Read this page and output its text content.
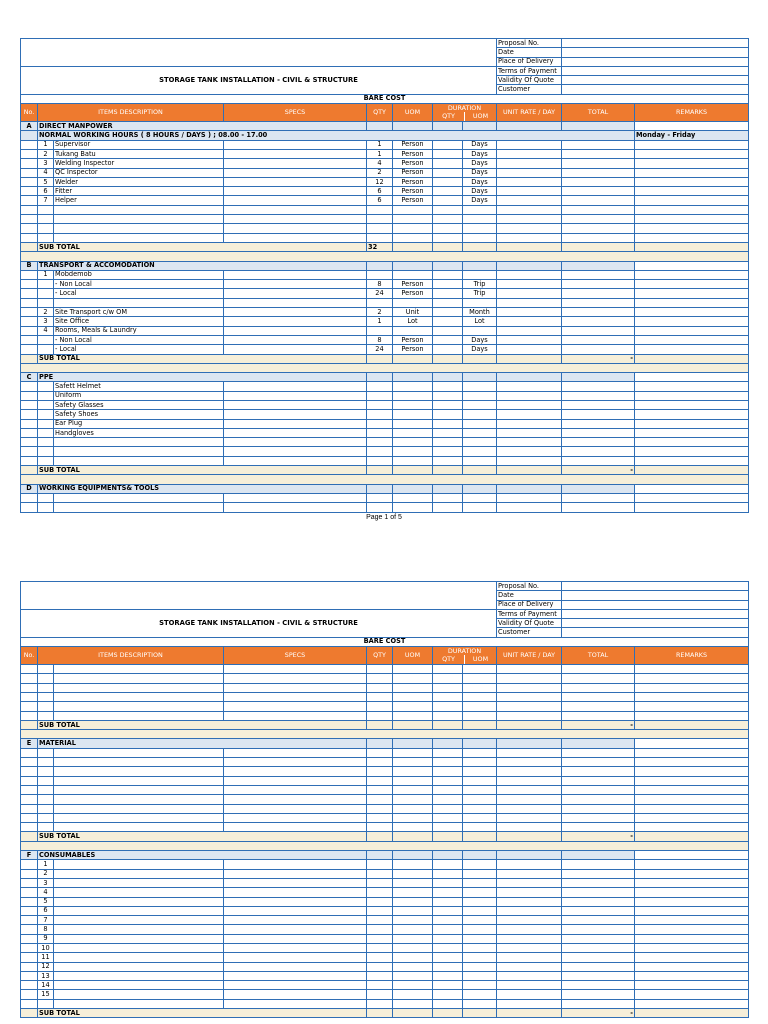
								Proposal No.		
								Date		
								Place of Delivery		
STORAGE TANK INSTALLATION - CIVIL & STRUCTURE								Terms of Payment		
								Validity Of Quote		
								Customer		
BARE COST										
No.	ITEMS DESCRIPTION		SPECS	QTY	UOM	DURATION
QTY UOM		UNIT RATE / DAY	TOTAL	REMARKS
A	DIRECT MANPOWER									
	NORMAL WORKING HOURS ( 8 HOURS / DAYS ) ; 08.00 - 17.00									Monday - Friday
	1	Supervisor		1	Person		Days			
	2	Tukang Batu		1	Person		Days			
	3	Welding Inspector		4	Person		Days			
	4	QC Inspector		2	Person		Days			
	5	Welder		12	Person		Days			
	6	Fitter		6	Person		Days			
	7	Helper		6	Person		Days			

	SUB TOTAL			32						

B	TRANSPORT & ACCOMODATION									
	1	Mobdemob								
		- Non Local		8	Person		Trip			
		- Local		24	Person		Trip			

	2	Site Transport c/w OM		2	Unit		Month			
	3	Site Office		1	Lot		Lot			
	4	Rooms, Meals & Laundry								
		- Non Local		8	Person		Days			
		- Local		24	Person		Days			
	SUB TOTAL								-	

C	PPE									
		Safett Helmet								
		Uniform								
		Safety Glasses								
		Safety Shoes								
		Ear Plug								
		Handgloves								

	SUB TOTAL								-	

D	WORKING EQUIPMENTS& TOOLS									

Page 1 of 5
								Proposal No.		
								Date		
								Place of Delivery		
STORAGE TANK INSTALLATION - CIVIL & STRUCTURE								Terms of Payment		
								Validity Of Quote		
								Customer		
BARE COST										
No.	ITEMS DESCRIPTION		SPECS	QTY	UOM	DURATION
QTY UOM		UNIT RATE / DAY	TOTAL	REMARKS

	SUB TOTAL								-	

E	MATERIAL									

	SUB TOTAL								-	

F	CONSUMABLES									
	1									
	2									
	3									
	4									
	5									
	6									
	7									
	8									
	9									
	10									
	11									
	12									
	13									
	14									
	15									

	SUB TOTAL								-	
